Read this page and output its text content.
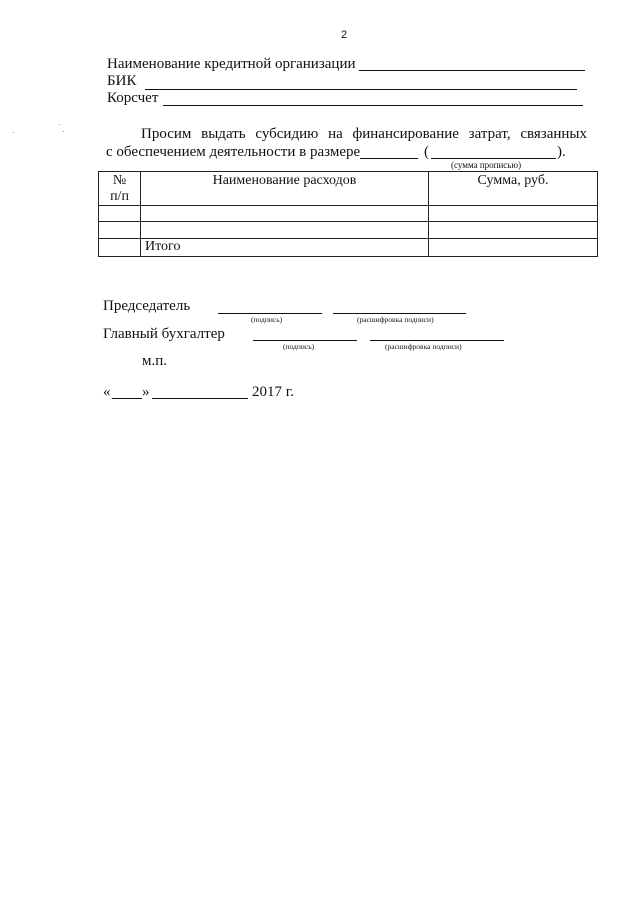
2
Наименование кредитной организации
БИК
Корсчет
Просим выдать субсидию на финансирование затрат, связанных
с обеспечением деятельности в размере	(	).
(сумма прописью)
№
п/п	Наименование расходов	Сумма, руб.

	Итого	
Председатель
(подпись)	(расшифровка подписи)
Главный бухгалтер
(подпись)	(расшифровка подписи)
м.п.
« »	2017 г.
